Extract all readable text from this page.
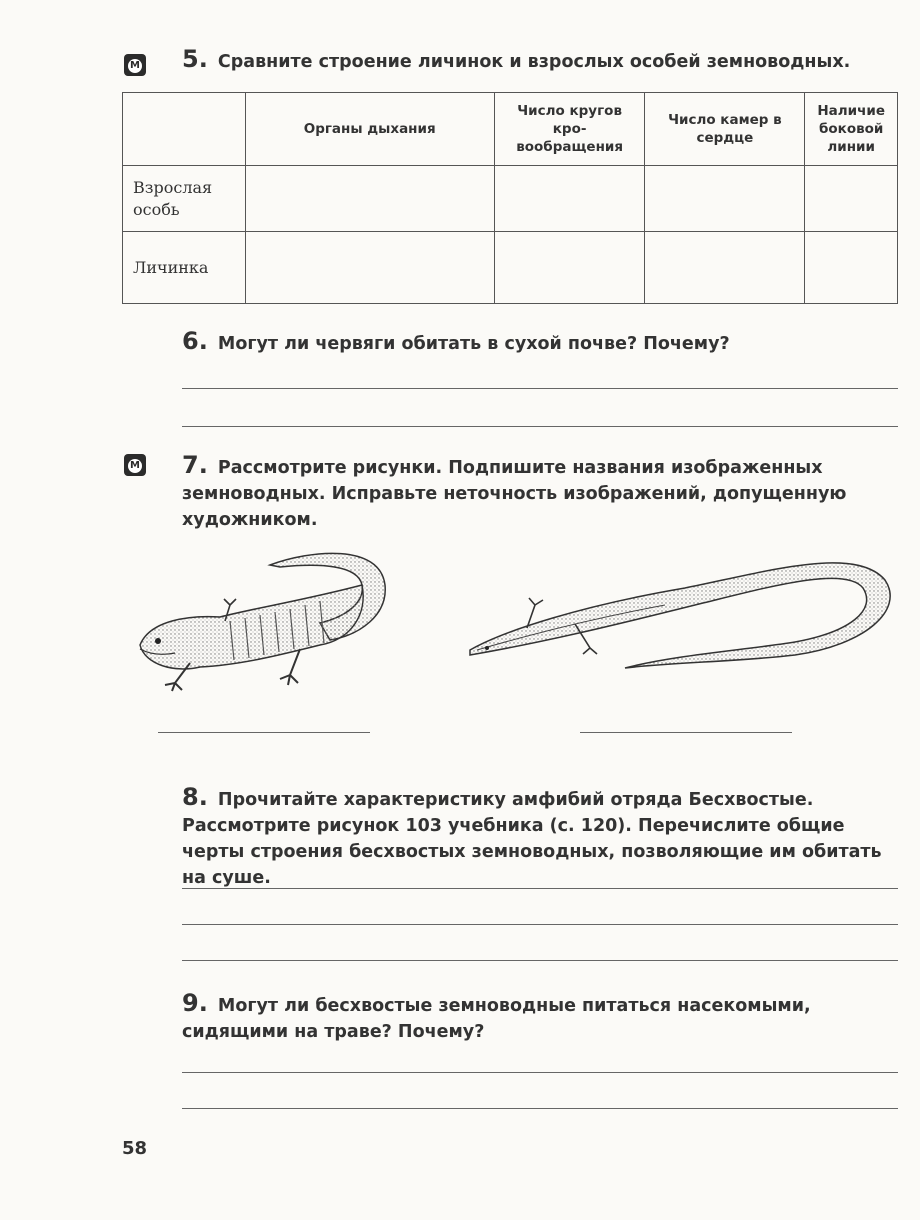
М 5. Сравните строение личинок и взрослых особей земноводных.
	Органы дыхания	Число кругов кро- вообращения	Число камер в сердце	Наличие боковой линии
Взрослая особь				
Личинка				
6. Могут ли червяги обитать в сухой почве? Почему?
М 7. Рассмотрите рисунки. Подпишите названия изображенных земноводных. Исправьте неточность изображений, допущенную художником.
8. Прочитайте характеристику амфибий отряда Бесхвостые. Рассмотрите рисунок 103 учебника (с. 120). Перечислите общие черты строения бесхвостых земноводных, позволяющие им обитать на суше.
9. Могут ли бесхвостые земноводные питаться насекомыми, сидящими на траве? Почему?
58
